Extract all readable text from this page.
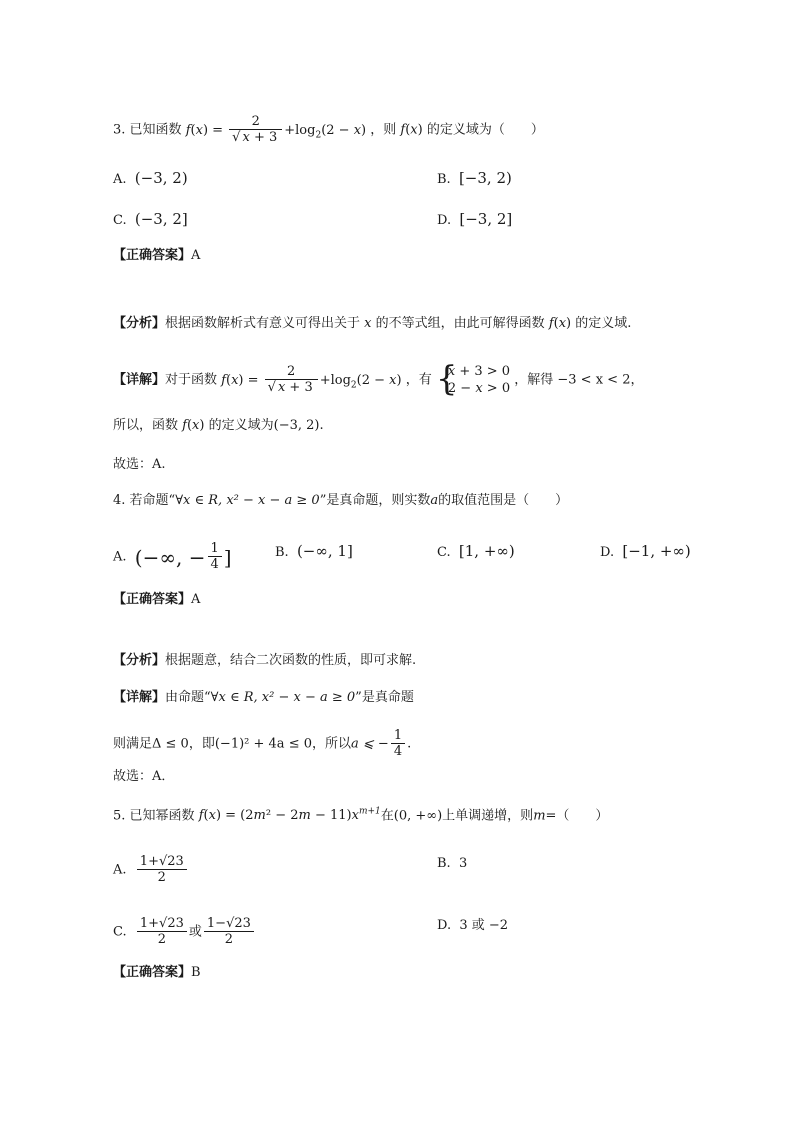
3. 已知函数 $f(x) = \frac{2}{√ x + 3} +\log_2(2 - x)$ ，则 f(x) 的定义域为（　　）
A. (−3, 2)	B. [−3, 2)
C. (−3, 2]	D. [−3, 2]
【正确答案】A
【分析】根据函数解析式有意义可得出关于 x 的不等式组，由此可解得函数 f(x) 的定义域.
【详解】对于函数 $f(x) = \frac{2}{√ x + 3} +\log_2(2 - x)$ ，有
{ x + 3 > 0
2 − x > 0
，解得 −3 < x < 2，
所以，函数 f(x) 的定义域为(−3, 2).
故选：A.
4. 若命题“∀x ∈ R, x² − x − a ≥ 0”是真命题，则实数a的取值范围是（　　）
A. (−∞, − $\frac{1}{4}$ ]	B. (−∞, 1]	C. [1, +∞)	D. [−1, +∞)
【正确答案】A
【分析】根据题意，结合二次函数的性质，即可求解.
【详解】由命题“∀x ∈ R, x² − x − a ≥ 0”是真命题
则满足Δ ≤ 0，即(−1)² + 4a ≤ 0，所以a ⩽ − $\frac{1}{4}$ .
故选：A．
5. 已知幂函数 $f(x) = (2m^2 - 2m - 11)x^{m+1}$在(0, +∞)上单调递增，则m=（　　）
A. $\frac{1+√23}{2}$	B. 3
C. $\frac{1+√23}{2}$ 或 $\frac{1-√23}{2}$	D. 3 或 −2
【正确答案】B
